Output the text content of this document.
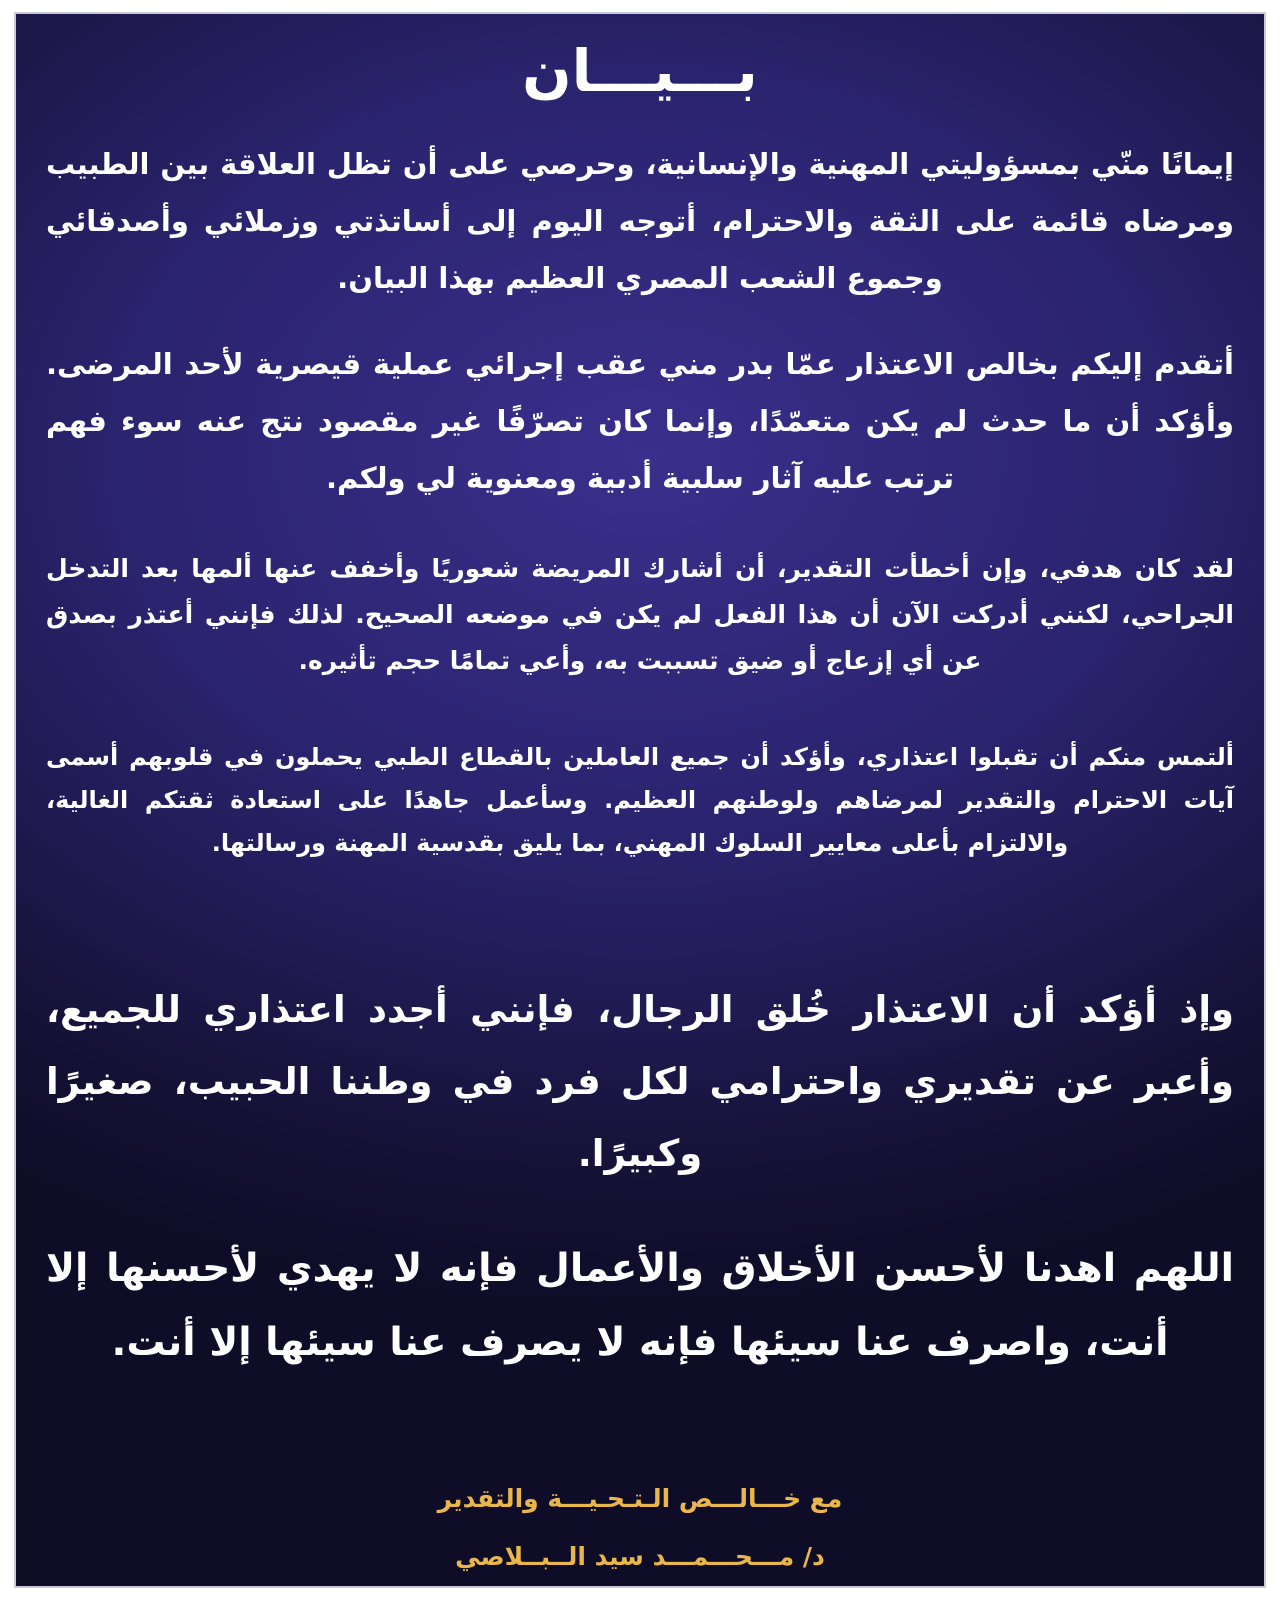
بـــيـــان
إيمانًا منّي بمسؤوليتي المهنية والإنسانية، وحرصي على أن تظل العلاقة بين الطبيب ومرضاه قائمة على الثقة والاحترام، أتوجه اليوم إلى أساتذتي وزملائي وأصدقائي وجموع الشعب المصري العظيم بهذا البيان.
أتقدم إليكم بخالص الاعتذار عمّا بدر مني عقب إجرائي عملية قيصرية لأحد المرضى. وأؤكد أن ما حدث لم يكن متعمّدًا، وإنما كان تصرّفًا غير مقصود نتج عنه سوء فهم ترتب عليه آثار سلبية أدبية ومعنوية لي ولكم.
لقد كان هدفي، وإن أخطأت التقدير، أن أشارك المريضة شعوريًا وأخفف عنها ألمها بعد التدخل الجراحي، لكنني أدركت الآن أن هذا الفعل لم يكن في موضعه الصحيح. لذلك فإنني أعتذر بصدق عن أي إزعاج أو ضيق تسببت به، وأعي تمامًا حجم تأثيره.
ألتمس منكم أن تقبلوا اعتذاري، وأؤكد أن جميع العاملين بالقطاع الطبي يحملون في قلوبهم أسمى آيات الاحترام والتقدير لمرضاهم ولوطنهم العظيم. وسأعمل جاهدًا على استعادة ثقتكم الغالية، والالتزام بأعلى معايير السلوك المهني، بما يليق بقدسية المهنة ورسالتها.
وإذ أؤكد أن الاعتذار خُلق الرجال، فإنني أجدد اعتذاري للجميع، وأعبر عن تقديري واحترامي لكل فرد في وطننا الحبيب، صغيرًا وكبيرًا.
اللهم اهدنا لأحسن الأخلاق والأعمال فإنه لا يهدي لأحسنها إلا أنت، واصرف عنا سيئها فإنه لا يصرف عنا سيئها إلا أنت.
مع خـــالـــص الـتـحـيـــة والتقدير
د/ مـــحـــمـــد سيد الــبــلاصي
